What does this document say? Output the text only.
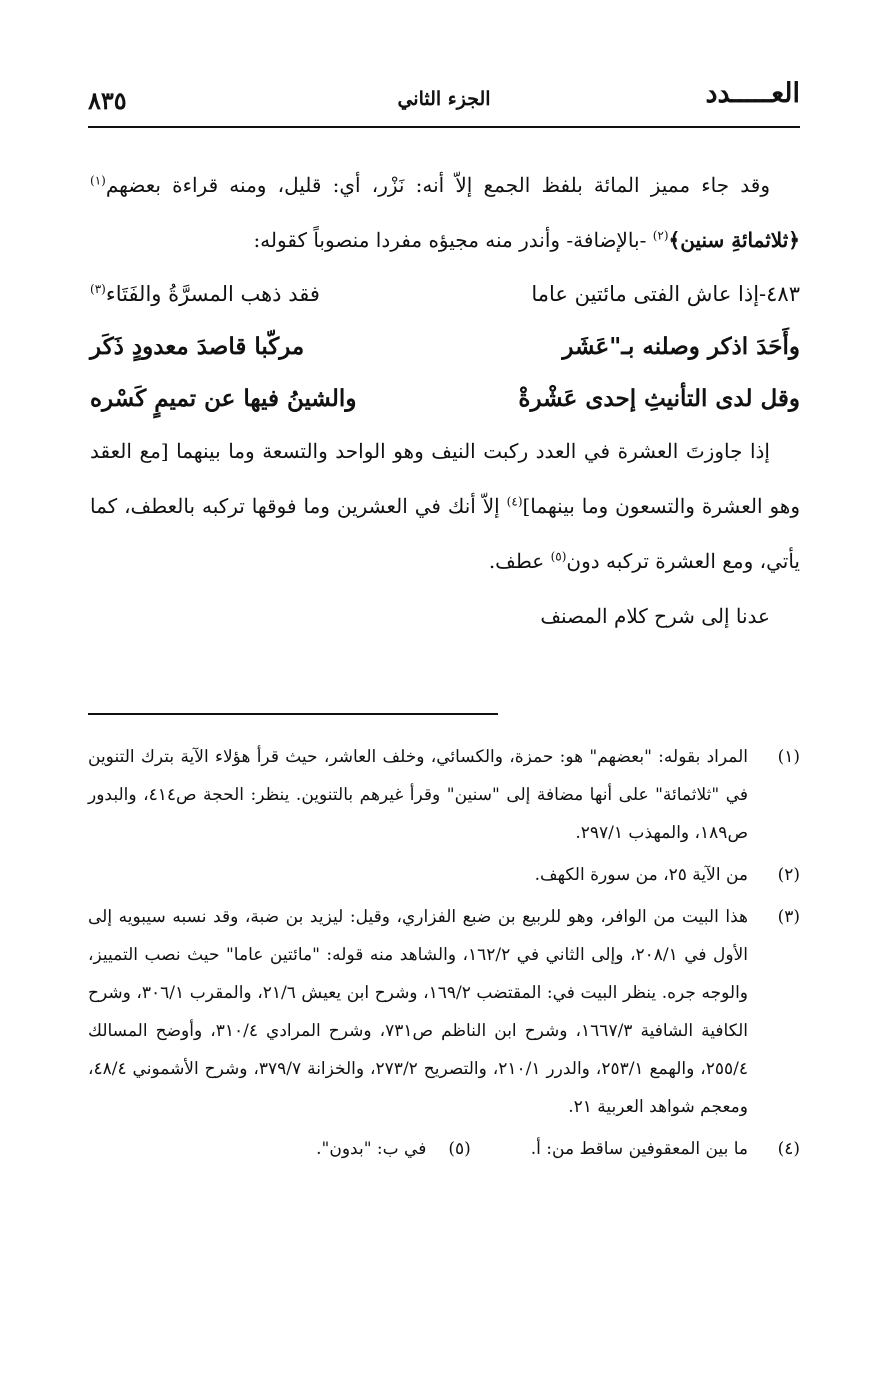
العـــــدد
الجزء الثاني
٨٣٥

وقد جاء مميز المائة بلفظ الجمع إلاّ أنه: نَزْر، أي: قليل، ومنه قراءة بعضهم$^{(١)}$ ﴿ثلاثمائةِ سنين﴾$^{(٢)}$ -بالإضافة- وأندر منه مجيؤه مفردا منصوباً كقوله:

٤٨٣-إذا عاش الفتى مائتين عاما
فقد ذهب المسرَّةُ والفَتَاء$^{(٣)}$
وأَحَدَ اذكر وصلنه بـ"عَشَر
مركّبا قاصدَ معدودٍ ذَكَر
وقل لدى التأنيثِ إحدى عَشْرةْ
والشينُ فيها عن تميمٍ كَسْره

إذا جاوزتَ العشرة في العدد ركبت النيف وهو الواحد والتسعة وما بينهما [مع العقد وهو العشرة والتسعون وما بينهما]$^{(٤)}$ إلاّ أنك في العشرين وما فوقها تركبه بالعطف، كما يأتي، ومع العشرة تركبه دون$^{(٥)}$ عطف.

عدنا إلى شرح كلام المصنف

(١)
المراد بقوله: "بعضهم" هو: حمزة، والكسائي، وخلف العاشر، حيث قرأ هؤلاء الآية بترك التنوين في "ثلاثمائة" على أنها مضافة إلى "سنين" وقرأ غيرهم بالتنوين. ينظر: الحجة ص٤١٤، والبدور ص١٨٩، والمهذب ٢٩٧/١.
(٢)
من الآية ٢٥، من سورة الكهف.
(٣)
هذا البيت من الوافر، وهو للربيع بن ضبع الفزاري، وقيل: ليزيد بن ضبة، وقد نسبه سيبويه إلى الأول في ٢٠٨/١، وإلى الثاني في ١٦٢/٢، والشاهد منه قوله: "مائتين عاما" حيث نصب التمييز، والوجه جره. ينظر البيت في: المقتضب ١٦٩/٢، وشرح ابن يعيش ٢١/٦، والمقرب ٣٠٦/١، وشرح الكافية الشافية ١٦٦٧/٣، وشرح ابن الناظم ص٧٣١، وشرح المرادي ٣١٠/٤، وأوضح المسالك ٢٥٥/٤، والهمع ٢٥٣/١، والدرر ٢١٠/١، والتصريح ٢٧٣/٢، والخزانة ٣٧٩/٧، وشرح الأشموني ٤٨/٤، ومعجم شواهد العربية ٢١.
(٤)
ما بين المعقوفين ساقط من: أ.
(٥)
في ب: "بدون".
